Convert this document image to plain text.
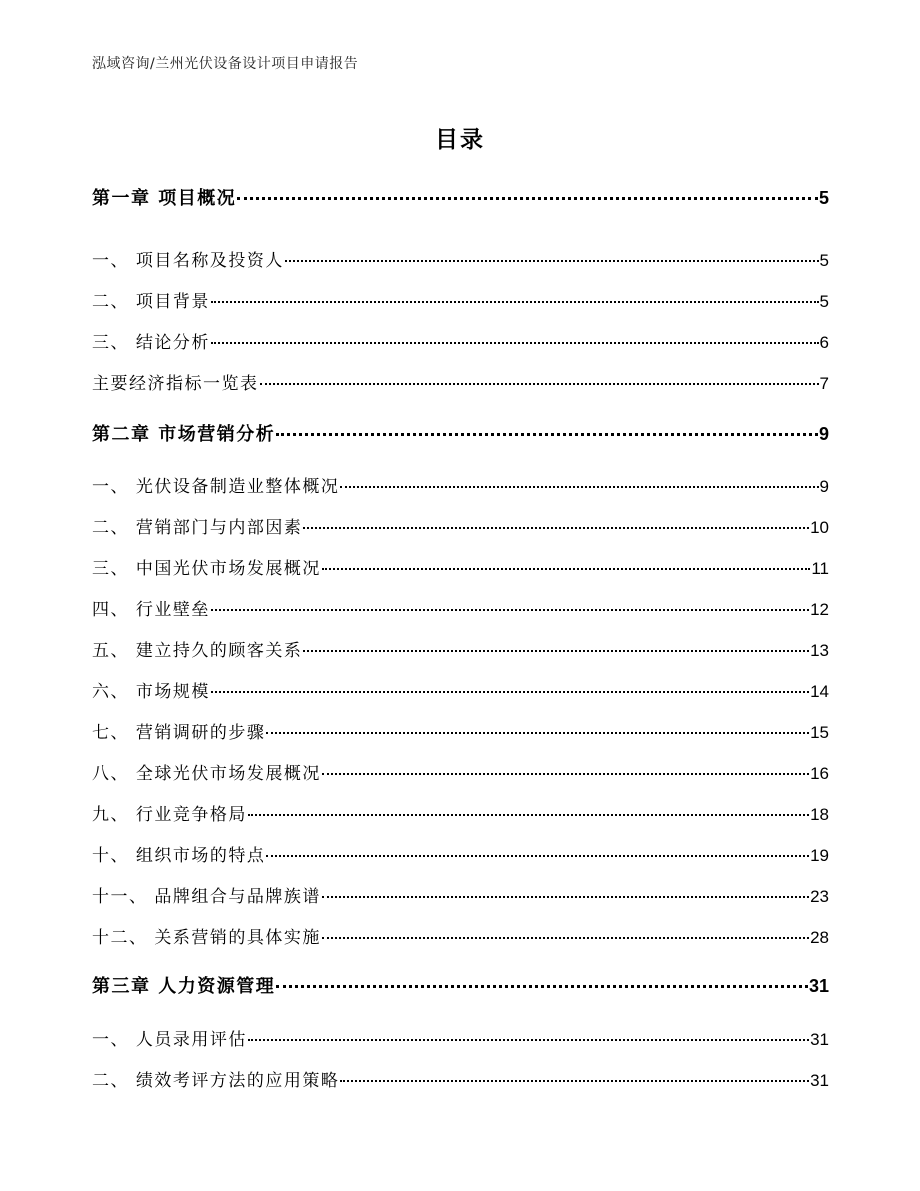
泓域咨询/兰州光伏设备设计项目申请报告
目录
第一章 项目概况	5
一、 项目名称及投资人	5
二、 项目背景	5
三、 结论分析	6
主要经济指标一览表	7
第二章 市场营销分析	9
一、 光伏设备制造业整体概况	9
二、 营销部门与内部因素	10
三、 中国光伏市场发展概况	11
四、 行业壁垒	12
五、 建立持久的顾客关系	13
六、 市场规模	14
七、 营销调研的步骤	15
八、 全球光伏市场发展概况	16
九、 行业竞争格局	18
十、 组织市场的特点	19
十一、 品牌组合与品牌族谱	23
十二、 关系营销的具体实施	28
第三章 人力资源管理	31
一、 人员录用评估	31
二、 绩效考评方法的应用策略	31
